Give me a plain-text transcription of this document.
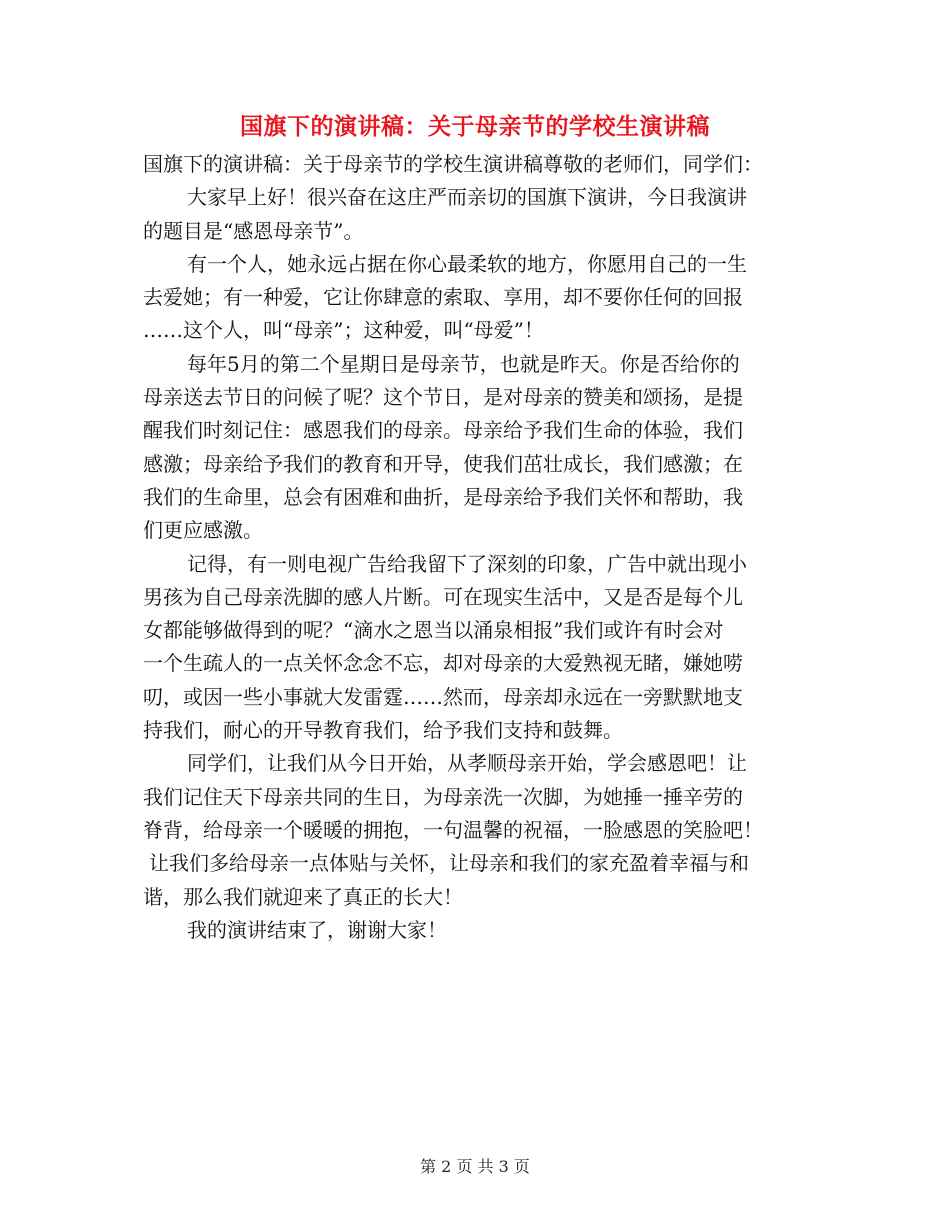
国旗下的演讲稿：关于母亲节的学校生演讲稿
国旗下的演讲稿：关于母亲节的学校生演讲稿尊敬的老师们，同学们：
大家早上好！很兴奋在这庄严而亲切的国旗下演讲，今日我演讲
的题目是“感恩母亲节”。
有一个人，她永远占据在你心最柔软的地方，你愿用自己的一生
去爱她；有一种爱，它让你肆意的索取、享用，却不要你任何的回报
……这个人，叫“母亲”；这种爱，叫“母爱”！
每年5月的第二个星期日是母亲节，也就是昨天。你是否给你的
母亲送去节日的问候了呢？这个节日，是对母亲的赞美和颂扬，是提
醒我们时刻记住：感恩我们的母亲。母亲给予我们生命的体验，我们
感激；母亲给予我们的教育和开导，使我们茁壮成长，我们感激；在
我们的生命里，总会有困难和曲折，是母亲给予我们关怀和帮助，我
们更应感激。
记得，有一则电视广告给我留下了深刻的印象，广告中就出现小
男孩为自己母亲洗脚的感人片断。可在现实生活中，又是否是每个儿
女都能够做得到的呢？“滴水之恩当以涌泉相报”我们或许有时会对
一个生疏人的一点关怀念念不忘，却对母亲的大爱熟视无睹，嫌她唠
叨，或因一些小事就大发雷霆……然而，母亲却永远在一旁默默地支
持我们，耐心的开导教育我们，给予我们支持和鼓舞。
同学们，让我们从今日开始，从孝顺母亲开始，学会感恩吧！让
我们记住天下母亲共同的生日，为母亲洗一次脚，为她捶一捶辛劳的
脊背，给母亲一个暖暖的拥抱，一句温馨的祝福，一脸感恩的笑脸吧！
让我们多给母亲一点体贴与关怀，让母亲和我们的家充盈着幸福与和
谐，那么我们就迎来了真正的长大！
我的演讲结束了，谢谢大家！
第 2 页 共 3 页
